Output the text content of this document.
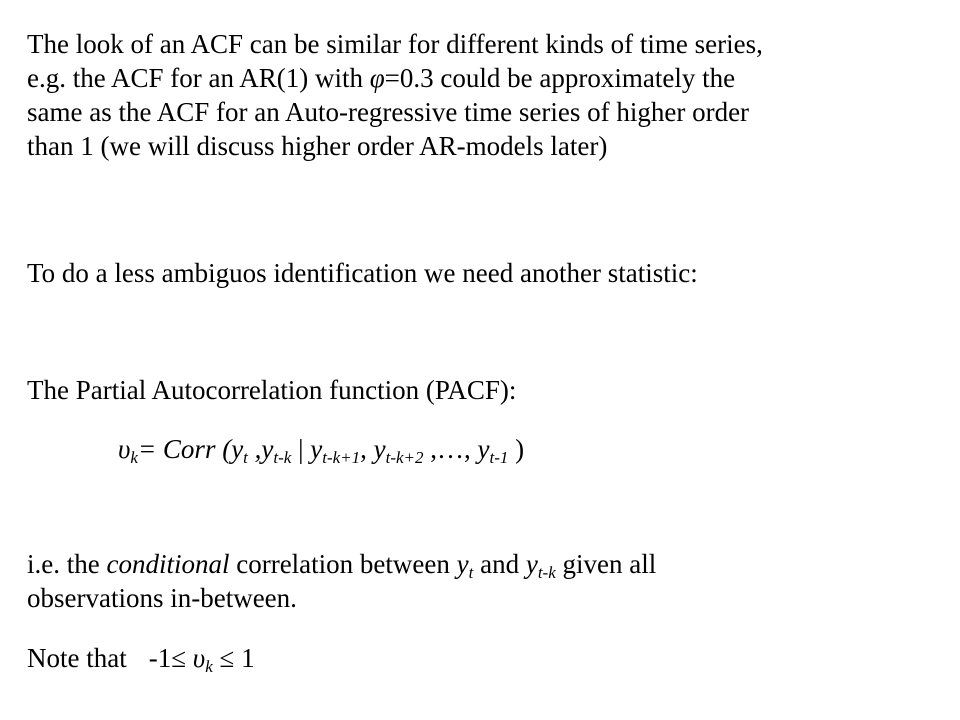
The look of an ACF can be similar for different kinds of time series,
e.g. the ACF for an AR(1) with φ=0.3 could be approximately the
same as the ACF for an Auto-regressive time series of higher order
than 1 (we will discuss higher order AR-models later)
To do a less ambiguos identification we need another statistic:
The Partial Autocorrelation function (PACF):
$\upsilon_k=$ Corr ($y_t$ $,y_{t-k}$ | $y_{t-k+1}$, $y_{t-k+2}$ ,…, $y_{t-1}$ )
i.e. the conditional correlation between $y_t$ and $y_{t-k}$ given all
observations in-between.
Note that $-1\le \upsilon_k \le 1$
